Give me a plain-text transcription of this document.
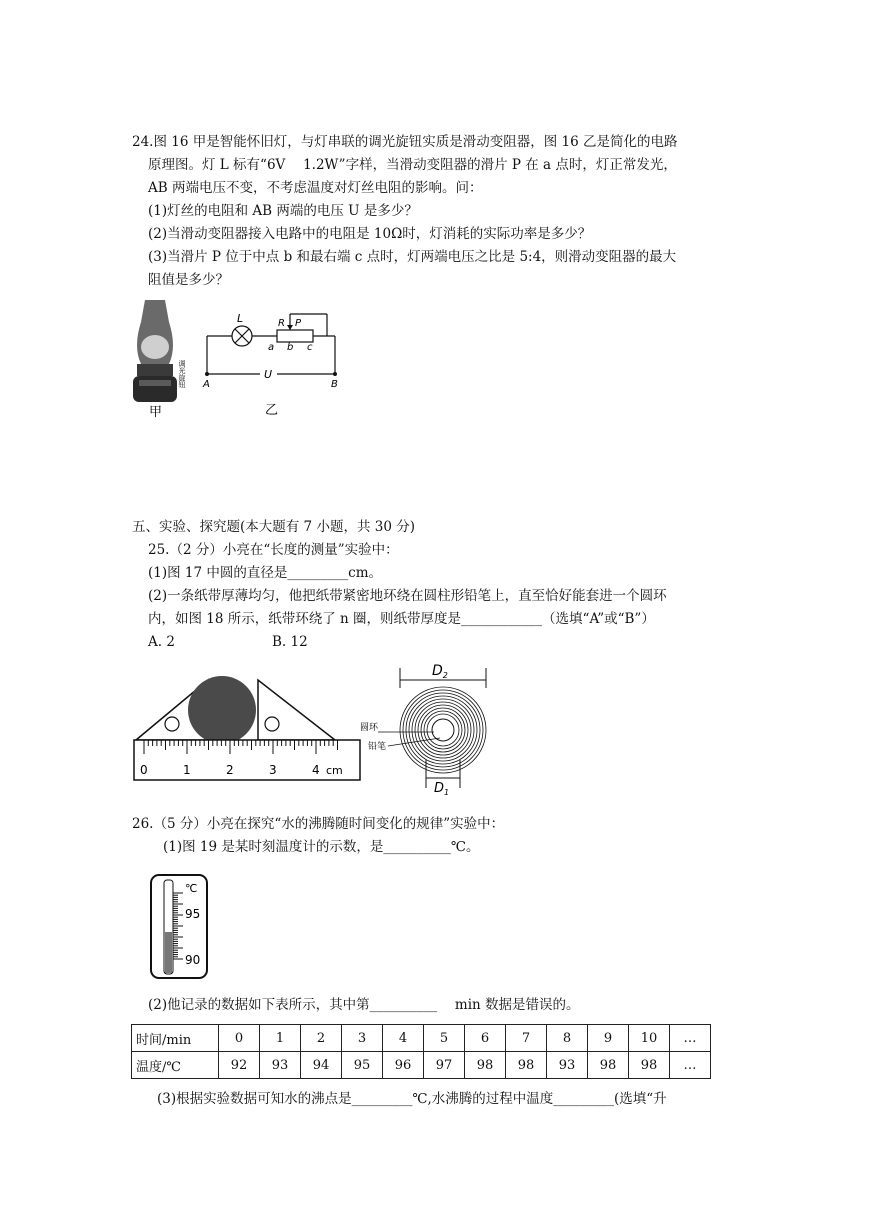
24.图 16 甲是智能怀旧灯，与灯串联的调光旋钮实质是滑动变阻器，图 16 乙是简化的电路
原理图。灯 L 标有“6V　 1.2W”字样，当滑动变阻器的滑片 P 在 a 点时，灯正常发光，
AB 两端电压不变，不考虑温度对灯丝电阻的影响。问：
(1)灯丝的电阻和 AB 两端的电压 U 是多少？
(2)当滑动变阻器接入电路中的电阻是 10Ω时，灯消耗的实际功率是多少？
(3)当滑片 P 位于中点 b 和最右端 c 点时，灯两端电压之比是 5:4，则滑动变阻器的最大
阻值是多少？
调光旋钮
甲
L	R P
a b c
A	B
U
乙
五、实验、探究题(本大题有 7 小题，共 30 分)
25.（2 分）小亮在“长度的测量”实验中：
(1)图 17 中圆的直径是_________cm。
(2)一条纸带厚薄均匀，他把纸带紧密地环绕在圆柱形铅笔上，直至恰好能套进一个圆环
内，如图 18 所示，纸带环绕了 n 圈，则纸带厚度是____________（选填“A”或“B”）
A. 2	B. 12
0	1	2	3	4 cm
$D_2$
圆环
铅笔
$D_1$
26.（5 分）小亮在探究“水的沸腾随时间变化的规律”实验中：
(1)图 19 是某时刻温度计的示数，是__________℃。
℃
95
90
(2)他记录的数据如下表所示，其中第__________　 min 数据是错误的。
时间/min	0	1	2	3	4	5	6	7	8	9	10	…
温度/℃	92	93	94	95	96	97	98	98	93	98	98	…
(3)根据实验数据可知水的沸点是_________℃,水沸腾的过程中温度_________(选填“升
